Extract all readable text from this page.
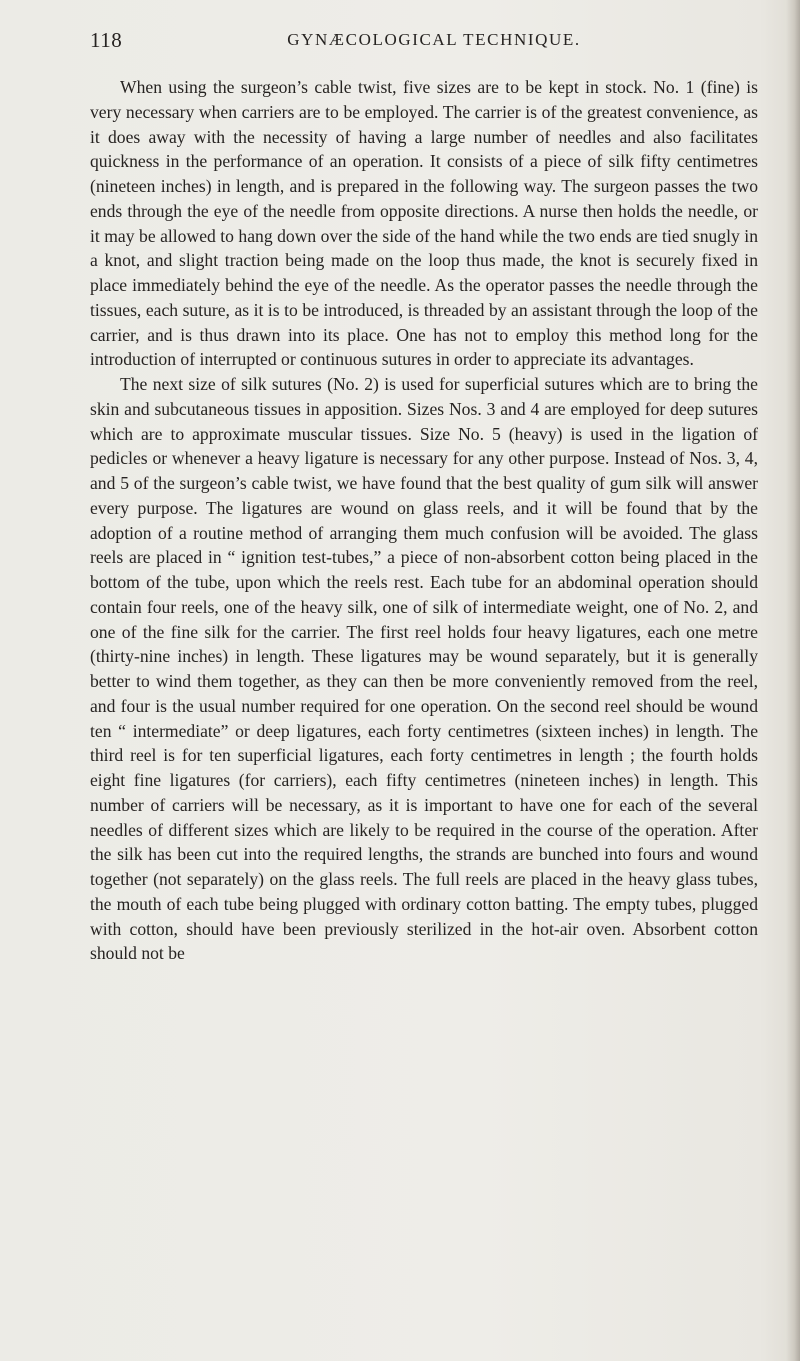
118	GYNÆCOLOGICAL TECHNIQUE.

When using the surgeon’s cable twist, five sizes are to be kept in stock. No. 1 (fine) is very necessary when carriers are to be employed. The carrier is of the greatest convenience, as it does away with the necessity of having a large number of needles and also facilitates quickness in the performance of an operation. It consists of a piece of silk fifty centimetres (nineteen inches) in length, and is prepared in the following way. The surgeon passes the two ends through the eye of the needle from opposite directions. A nurse then holds the needle, or it may be allowed to hang down over the side of the hand while the two ends are tied snugly in a knot, and slight traction being made on the loop thus made, the knot is securely fixed in place immediately behind the eye of the needle. As the operator passes the needle through the tissues, each suture, as it is to be introduced, is threaded by an assistant through the loop of the carrier, and is thus drawn into its place. One has not to employ this method long for the introduction of interrupted or continuous sutures in order to appreciate its advantages.

The next size of silk sutures (No. 2) is used for superficial sutures which are to bring the skin and subcutaneous tissues in apposition. Sizes Nos. 3 and 4 are employed for deep sutures which are to approximate muscular tissues. Size No. 5 (heavy) is used in the ligation of pedicles or whenever a heavy ligature is necessary for any other purpose. Instead of Nos. 3, 4, and 5 of the surgeon’s cable twist, we have found that the best quality of gum silk will answer every purpose. The ligatures are wound on glass reels, and it will be found that by the adoption of a routine method of arranging them much confusion will be avoided. The glass reels are placed in “ ignition test-tubes,” a piece of non-absorbent cotton being placed in the bottom of the tube, upon which the reels rest. Each tube for an abdominal operation should contain four reels, one of the heavy silk, one of silk of intermediate weight, one of No. 2, and one of the fine silk for the carrier. The first reel holds four heavy ligatures, each one metre (thirty-nine inches) in length. These ligatures may be wound separately, but it is generally better to wind them together, as they can then be more conveniently removed from the reel, and four is the usual number required for one operation. On the second reel should be wound ten “ intermediate” or deep ligatures, each forty centimetres (sixteen inches) in length. The third reel is for ten superficial ligatures, each forty centimetres in length ; the fourth holds eight fine ligatures (for carriers), each fifty centimetres (nineteen inches) in length. This number of carriers will be necessary, as it is important to have one for each of the several needles of different sizes which are likely to be required in the course of the operation. After the silk has been cut into the required lengths, the strands are bunched into fours and wound together (not separately) on the glass reels. The full reels are placed in the heavy glass tubes, the mouth of each tube being plugged with ordinary cotton batting. The empty tubes, plugged with cotton, should have been previously sterilized in the hot-air oven. Absorbent cotton should not be
